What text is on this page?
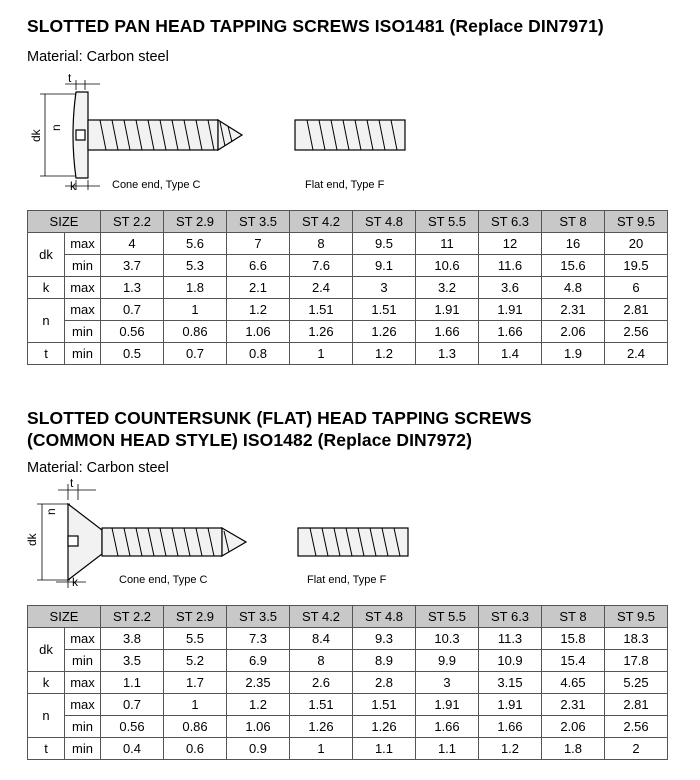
SLOTTED PAN HEAD TAPPING SCREWS ISO1481 (Replace DIN7971)
Material: Carbon steel
t
n
dk
k	Cone end, Type C	Flat end, Type F
SIZE		ST 2.2	ST 2.9	ST 3.5	ST 4.2	ST 4.8	ST 5.5	ST 6.3	ST 8	ST 9.5
dk	max	4	5.6	7	8	9.5	11	12	16	20
	min	3.7	5.3	6.6	7.6	9.1	10.6	11.6	15.6	19.5
k	max	1.3	1.8	2.1	2.4	3	3.2	3.6	4.8	6
n	max	0.7	1	1.2	1.51	1.51	1.91	1.91	2.31	2.81
	min	0.56	0.86	1.06	1.26	1.26	1.66	1.66	2.06	2.56
t	min	0.5	0.7	0.8	1	1.2	1.3	1.4	1.9	2.4
SLOTTED COUNTERSUNK (FLAT) HEAD TAPPING SCREWS
(COMMON HEAD STYLE) ISO1482 (Replace DIN7972)
Material: Carbon steel
t
n
dk
k	Cone end, Type C	Flat end, Type F
SIZE		ST 2.2	ST 2.9	ST 3.5	ST 4.2	ST 4.8	ST 5.5	ST 6.3	ST 8	ST 9.5
dk	max	3.8	5.5	7.3	8.4	9.3	10.3	11.3	15.8	18.3
	min	3.5	5.2	6.9	8	8.9	9.9	10.9	15.4	17.8
k	max	1.1	1.7	2.35	2.6	2.8	3	3.15	4.65	5.25
n	max	0.7	1	1.2	1.51	1.51	1.91	1.91	2.31	2.81
	min	0.56	0.86	1.06	1.26	1.26	1.66	1.66	2.06	2.56
t	min	0.4	0.6	0.9	1	1.1	1.1	1.2	1.8	2
